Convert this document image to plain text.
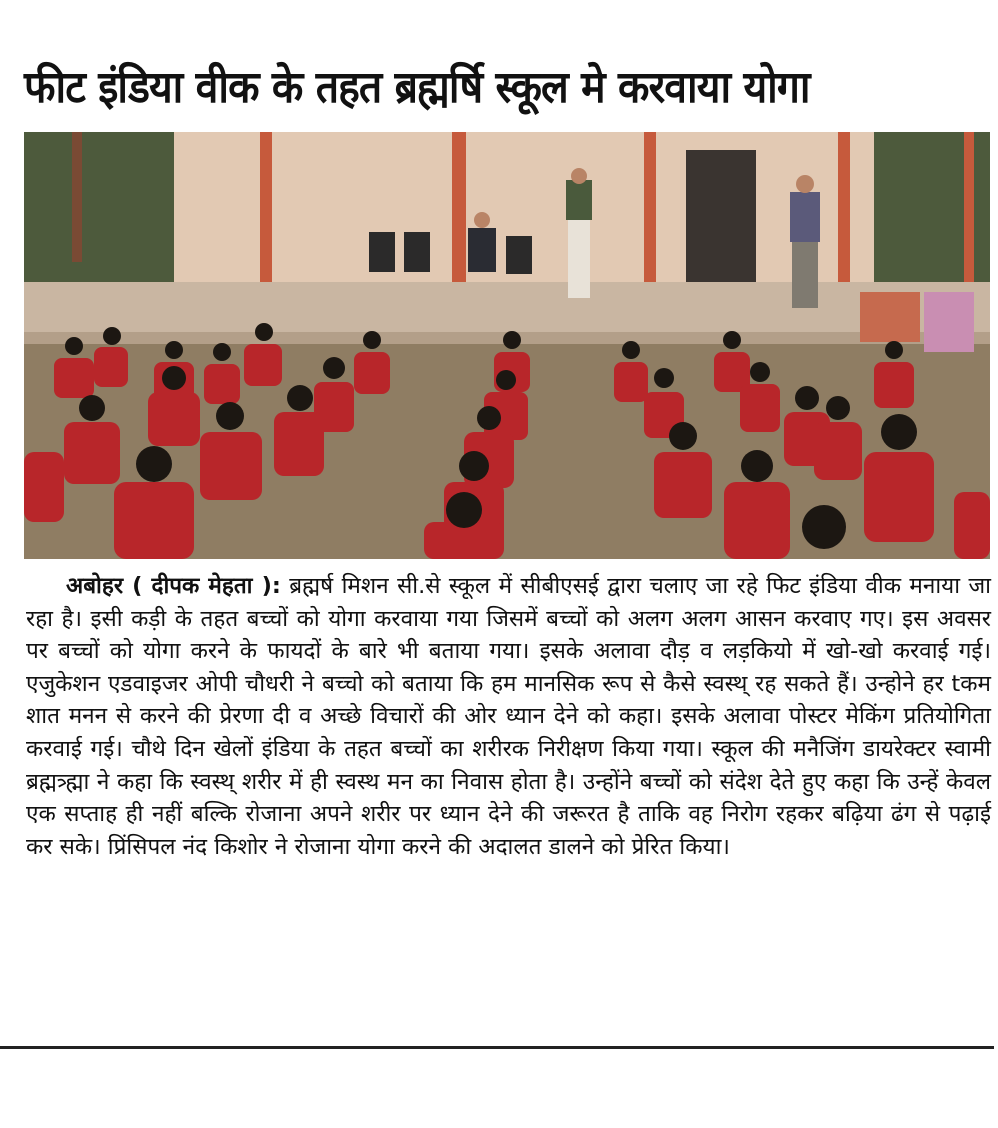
फीट इंडिया वीक के तहत ब्रह्मर्षि स्कूल मे करवाया योगा
अबोहर ( दीपक मेहता ): ब्रह्मर्ष मिशन सी.से स्कूल में सीबीएसई द्वारा चलाए जा रहे फिट इंडिया वीक मनाया जा रहा है। इसी कड़ी के तहत बच्चों को योगा करवाया गया जिसमें बच्चों को अलग अलग आसन करवाए गए। इस अवसर पर बच्चों को योगा करने के फायदों के बारे भी बताया गया। इसके अलावा दौड़ व लड़कियो में खो-खो करवाई गई। एजुकेशन एडवाइजर ओपी चौधरी ने बच्चो को बताया कि हम मानसिक रूप से कैसे स्वस्थ् रह सकते हैं। उन्होने हर tकम शात मनन से करने की प्रेरणा दी व अच्छे विचारों की ओर ध्यान देने को कहा। इसके अलावा पोस्टर मेकिंग प्रतियोगिता करवाई गई। चौथे दिन खेलों इंडिया के तहत बच्चों का शरीरक निरीक्षण किया गया। स्कूल की मनैजिंग डायरेक्टर स्वामी ब्रह्मत्र्ह्मा ने कहा कि स्वस्थ् शरीर में ही स्वस्थ मन का निवास होता है। उन्होंने बच्चों को संदेश देते हुए कहा कि उन्हें केवल एक सप्ताह ही नहीं बल्कि रोजाना अपने शरीर पर ध्यान देने की जरूरत है ताकि वह निरोग रहकर बढ़िया ढंग से पढ़ाई कर सके। प्रिंसिपल नंद किशोर ने रोजाना योगा करने की अदालत डालने को प्रेरित किया।
